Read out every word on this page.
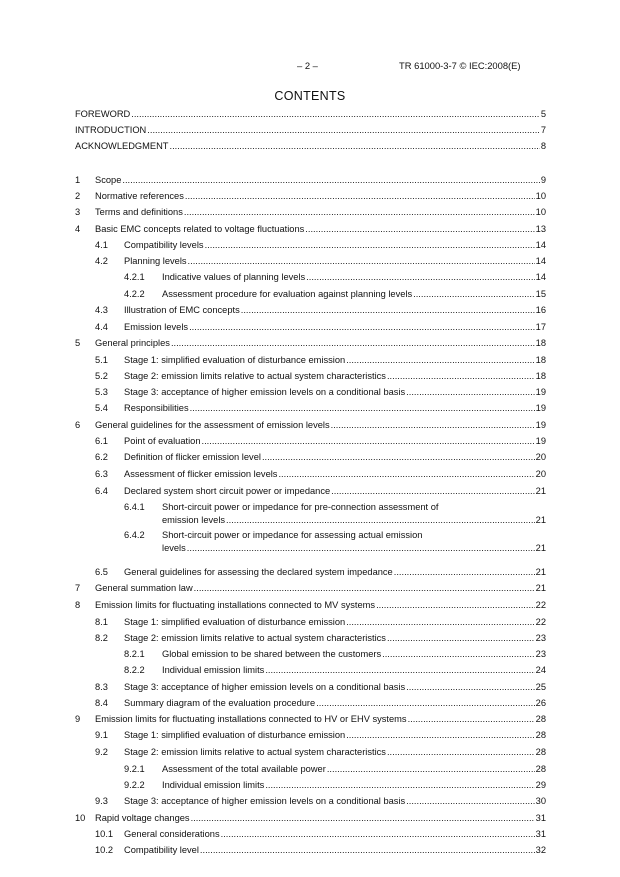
– 2 –	TR 61000-3-7 © IEC:2008(E)
CONTENTS
FOREWORD .....	5
INTRODUCTION .....	7
ACKNOWLEDGMENT .....	8
1 Scope .....	9
2 Normative references .....	10
3 Terms and definitions .....	10
4 Basic EMC concepts related to voltage fluctuations .....	13
4.1 Compatibility levels .....	14
4.2 Planning levels .....	14
4.2.1 Indicative values of planning levels .....	14
4.2.2 Assessment procedure for evaluation against planning levels .....	15
4.3 Illustration of EMC concepts .....	16
4.4 Emission levels .....	17
5 General principles .....	18
5.1 Stage 1: simplified evaluation of disturbance emission .....	18
5.2 Stage 2: emission limits relative to actual system characteristics .....	18
5.3 Stage 3: acceptance of higher emission levels on a conditional basis .....	19
5.4 Responsibilities .....	19
6 General guidelines for the assessment of emission levels .....	19
6.1 Point of evaluation .....	19
6.2 Definition of flicker emission level .....	20
6.3 Assessment of flicker emission levels .....	20
6.4 Declared system short circuit power or impedance .....	21
6.4.1 Short-circuit power or impedance for pre-connection assessment of
emission levels .....	21
6.4.2 Short-circuit power or impedance for assessing actual emission
levels .....	21
6.5 General guidelines for assessing the declared system impedance .....	21
7 General summation law .....	21
8 Emission limits for fluctuating installations connected to MV systems .....	22
8.1 Stage 1: simplified evaluation of disturbance emission .....	22
8.2 Stage 2: emission limits relative to actual system characteristics .....	23
8.2.1 Global emission to be shared between the customers .....	23
8.2.2 Individual emission limits .....	24
8.3 Stage 3: acceptance of higher emission levels on a conditional basis .....	25
8.4 Summary diagram of the evaluation procedure .....	26
9 Emission limits for fluctuating installations connected to HV or EHV systems .....	28
9.1 Stage 1: simplified evaluation of disturbance emission .....	28
9.2 Stage 2: emission limits relative to actual system characteristics .....	28
9.2.1 Assessment of the total available power .....	28
9.2.2 Individual emission limits .....	29
9.3 Stage 3: acceptance of higher emission levels on a conditional basis .....	30
10 Rapid voltage changes .....	31
10.1 General considerations .....	31
10.2 Compatibility level .....	32
